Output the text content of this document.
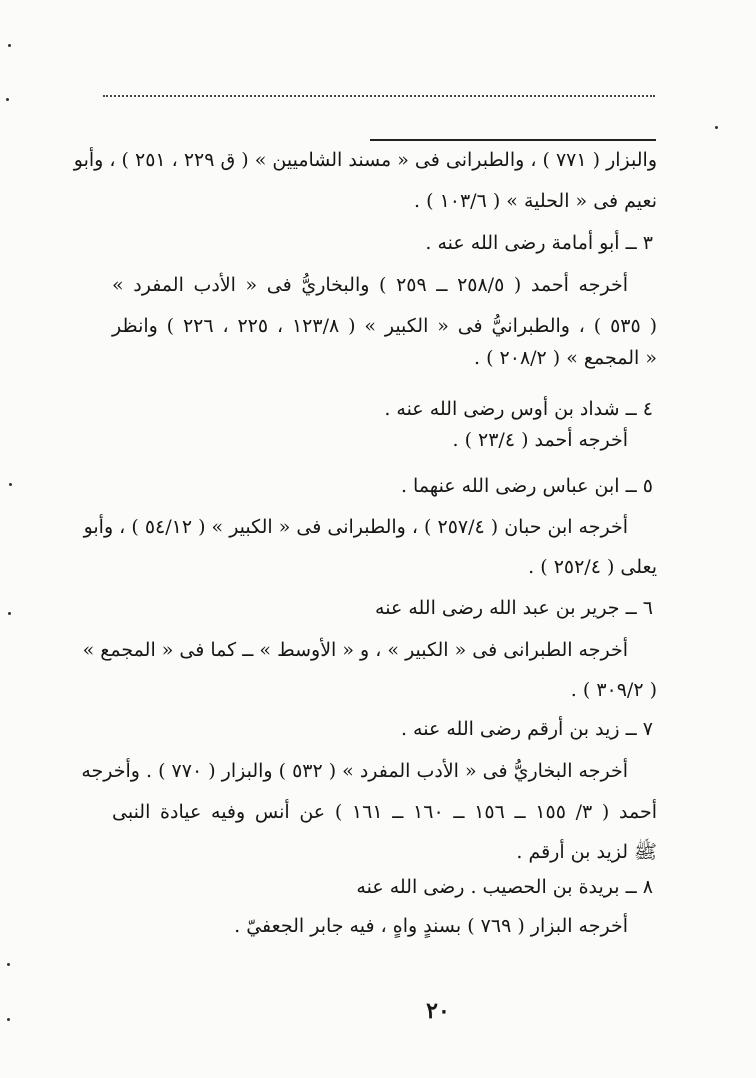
والبزار ( ٧٧١ ) ، والطبرانى فى « مسند الشاميين » ( ق ٢٢٩ ، ٢٥١ ) ، وأبو
نعيم فى « الحلية » ( ١٠٣/٦ ) .
٣ ــ أبو أمامة رضى الله عنه .
أخرجه أحمد ( ٢٥٨/٥ ــ ٢٥٩ ) والبخاريُّ فى « الأدب المفرد »
( ٥٣٥ ) ، والطبرانيُّ فى « الكبير » ( ١٢٣/٨ ، ٢٢٥ ، ٢٢٦ ) وانظر
« المجمع » ( ٢٠٨/٢ ) .
٤ ــ شداد بن أوس رضى الله عنه .
أخرجه أحمد ( ٢٣/٤ ) .
٥ ــ ابن عباس رضى الله عنهما .
أخرجه ابن حبان ( ٢٥٧/٤ ) ، والطبرانى فى « الكبير » ( ٥٤/١٢ ) ، وأبو
يعلى ( ٢٥٢/٤ ) .
٦ ــ جرير بن عبد الله رضى الله عنه
أخرجه الطبرانى فى « الكبير » ، و « الأوسط » ــ كما فى « المجمع »
( ٣٠٩/٢ ) .
٧ ــ زيد بن أرقم رضى الله عنه .
أخرجه البخاريُّ فى « الأدب المفرد » ( ٥٣٢ ) والبزار ( ٧٧٠ ) . وأخرجه
أحمد ( ٣/ ١٥٥ ــ ١٥٦ ــ ١٦٠ ــ ١٦١ ) عن أنس وفيه عيادة النبى
ﷺ لزيد بن أرقم .
٨ ــ بريدة بن الحصيب . رضى الله عنه
أخرجه البزار ( ٧٦٩ ) بسندٍ واهٍ ، فيه جابر الجعفيّ .
٢٠
